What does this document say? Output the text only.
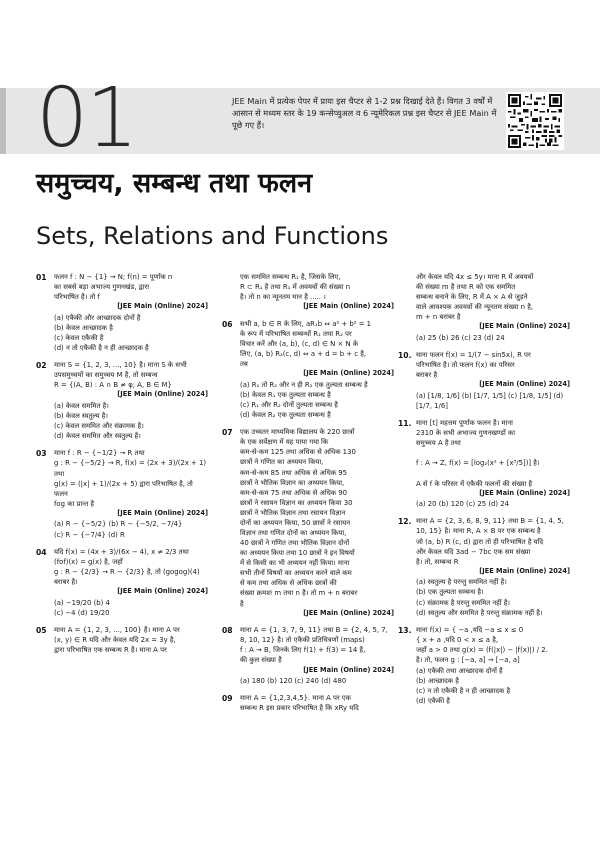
01	JEE Main में प्रत्येक पेपर में प्रायः इस चैप्टर से 1-2 प्रश्न दिखाई देते हैं। विगत 3 वर्षों में आसान से मध्यम स्तर के 19 कन्सेप्चुअल व 6 न्यूमेरिकल प्रश्न इस चैप्टर से JEE Main में पूछे गए हैं।
समुच्चय, सम्बन्ध तथा फलन
Sets, Relations and Functions
01 फलन f : N − {1} → N; f(n) = पूर्णांक n
का सबसे बड़ा अभाज्य गुणनखंड, द्वारा
परिभाषित है। तो f
[JEE Main (Online) 2024]
(a) एकैकी और आच्छादक दोनों है
(b) केवल आच्छादक है
(c) केवल एकैकी है
(d) न तो एकैकी है न ही आच्छादक है
02 माना S = {1, 2, 3, ..., 10} है। माना S के सभी
उपसमुच्चयों का समुच्चय M है, तो सम्बन्ध
R = {(A, B) : A ∩ B ≠ φ; A, B ∈ M}
[JEE Main (Online) 2024]
(a) केवल सममित है।
(b) केवल स्वतुल्य है।
(c) केवल सममित और संक्रामक है।
(d) केवल सममित और स्वतुल्य है।
03 माना f : R − {−1/2} → R तथा
g : R − {−5/2} → R, f(x) = (2x + 3)/(2x + 1) तथा
g(x) = (|x| + 1)/(2x + 5) द्वारा परिभाषित है, तो फलन
fog का प्रान्त है
[JEE Main (Online) 2024]
(a) R − {−5/2} (b) R − {−5/2, −7/4}
(c) R − {−7/4} (d) R
04 यदि f(x) = (4x + 3)/(6x − 4), x ≠ 2/3 तथा
(fof)(x) = g(x) है, जहाँ
g : R − {2/3} → R − {2/3} है, तो (gogog)(4)
बराबर है।
[JEE Main (Online) 2024]
(a) −19/20 (b) 4
(c) −4 (d) 19/20
05 माना A = {1, 2, 3, ..., 100} है। माना A पर
(x, y) ∈ R यदि और केवल यदि 2x = 3y है,
द्वारा परिभाषित एक सम्बन्ध R है। माना A पर
एक सममित सम्बन्ध R₁ है, जिसके लिए,
R ⊂ R₁ है तथा R₁ में अवयवों की संख्या n
है। तो n का न्यूनतम मान है ..... ।
[JEE Main (Online) 2024]
06 सभी a, b ∈ R के लिए, aR₁b ⇔ a² + b² = 1
के रूप में परिभाषित सम्बन्धों R₁ तथा R₂ पर
विचार करें और (a, b), (c, d) ∈ N × N के
लिए, (a, b) R₂(c, d) ⇔ a + d = b + c है,
तब
[JEE Main (Online) 2024]
(a) R₁ तो R₂ और न ही R₂ एक तुल्यता सम्बन्ध है
(b) केवल R₁ एक तुल्यता सम्बन्ध है
(c) R₁ और R₂ दोनों तुल्यता सम्बन्ध है
(d) केवल R₂ एक तुल्यता सम्बन्ध है
07 एक उच्चतर माध्यमिक विद्यालय के 220 छात्रों
के एक सर्वेक्षण में यह पाया गया कि
कम-से-कम 125 तथा अधिक से अधिक 130
छात्रों ने गणित का अध्ययन किया,
कम-से-कम 85 तथा अधिक से अधिक 95
छात्रों ने भौतिक विज्ञान का अध्ययन किया,
कम-से-कम 75 तथा अधिक से अधिक 90
छात्रों ने रसायन विज्ञान का अध्ययन किया 30
छात्रों ने भौतिक विज्ञान तथा रसायन विज्ञान
दोनों का अध्ययन किया, 50 छात्रों ने रसायन
विज्ञान तथा गणित दोनों का अध्ययन किया,
40 छात्रों ने गणित तथा भौतिक विज्ञान दोनों
का अध्ययन किया तथा 10 छात्रों ने इन विषयों
में से किसी का भी अध्ययन नहीं किया। माना
सभी तीनों विषयों का अध्ययन करने वाले कम
से कम तथा अधिक से अधिक छात्रों की
संख्या क्रमशः m तथा n है। तो m + n बराबर
है
[JEE Main (Online) 2024]
08 माना A = {1, 3, 7, 9, 11} तथा B = {2, 4, 5, 7,
8, 10, 12} है। तो एकैकी प्रतिचित्रणों (maps)
f : A → B, जिनके लिए f(1) + f(3) = 14 है,
की कुल संख्या है
[JEE Main (Online) 2024]
(a) 180 (b) 120 (c) 240 (d) 480
09 माना A = {1,2,3,4,5}. माना A पर एक
सम्बन्ध R इस प्रकार परिभाषित है कि xRy यदि
और केवल यदि 4x ≤ 5y। माना R में अवयवों
की संख्या m है तथा R को एक सममित
सम्बन्ध बनाने के लिए, R में A × A से जुड़ने
वाले आवश्यक अवयवों की न्यूनतम संख्या n है,
m + n बराबर है
[JEE Main (Online) 2024]
(a) 25 (b) 26 (c) 23 (d) 24
10. माना फलन f(x) = 1/(7 − sin5x), R पर
परिभाषित है। तो फलन f(x) का परिसर
बराबर है
[JEE Main (Online) 2024]
(a) [1/8, 1/6] (b) [1/7, 1/5] (c) [1/8, 1/5] (d) [1/7, 1/6]
11. माना [t] महत्तम पूर्णांक फलन है। माना
2310 के सभी अभाज्य गुणनखण्डों का
समुच्चय A है तथा

f : A → Z, f(x) = [log₂(x² + [x³/5])] है।

A से f के परिसर में एकैकी फलनों की संख्या है
[JEE Main (Online) 2024]
(a) 20 (b) 120 (c) 25 (d) 24
12. माना A = {2, 3, 6, 8, 9, 11} तथा B = {1, 4, 5,
10, 15} है। माना R, A × B पर एक सम्बन्ध है
जो (a, b) R (c, d) द्वारा तो ही परिभाषित है यदि
और केवल यदि 3ad − 7bc एक सम संख्या
है। तो, सम्बन्ध R
[JEE Main (Online) 2024]
(a) स्वतुल्य है परन्तु सममित नहीं है।
(b) एक तुल्यता सम्बन्ध है।
(c) संक्रामक है परन्तु सममित नहीं है।
(d) स्वतुल्य और सममित है परन्तु संक्रामक नहीं है।
13. माना f(x) = { −a ,यदि −a ≤ x ≤ 0
{ x + a ,यदि 0 < x ≤ a है,
जहाँ a > 0 तथा g(x) = (f(|x|) − |f(x)|) / 2.
है। तो, फलन g : [−a, a] → [−a, a]
(a) एकैकी तथा आच्छादक दोनों है
(b) आच्छादक है
(c) न तो एकैकी है न ही आच्छादक है
(d) एकैकी है
